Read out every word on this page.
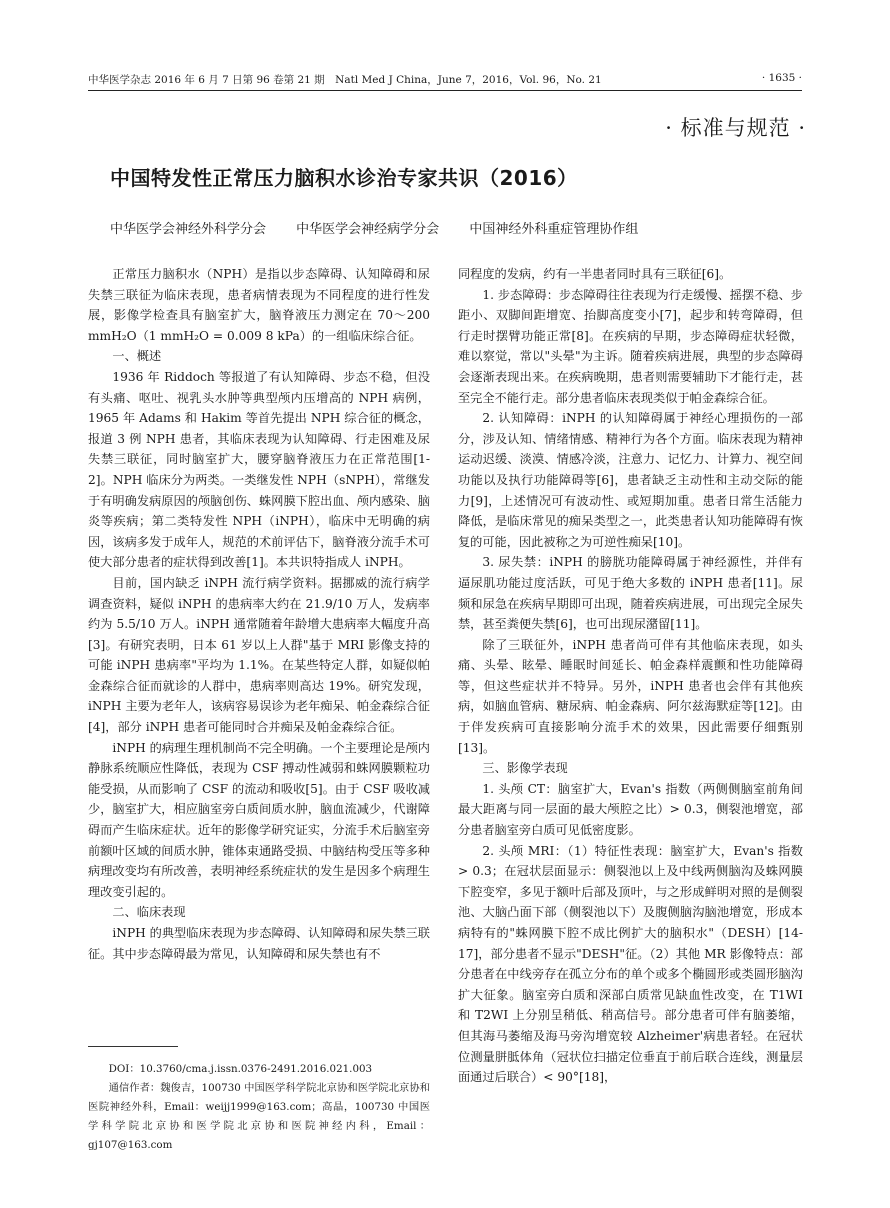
中华医学杂志 2016 年 6 月 7 日第 96 卷第 21 期　Natl Med J China，June 7，2016，Vol. 96，No. 21	· 1635 ·
· 标准与规范 ·
中国特发性正常压力脑积水诊治专家共识（2016）
中华医学会神经外科学分会 中华医学会神经病学分会 中国神经外科重症管理协作组

正常压力脑积水（NPH）是指以步态障碍、认知障碍和尿失禁三联征为临床表现，患者病情表现为不同程度的进行性发展，影像学检查具有脑室扩大，脑脊液压力测定在 70～200 mmH₂O（1 mmH₂O = 0.009 8 kPa）的一组临床综合征。

一、概述

1936 年 Riddoch 等报道了有认知障碍、步态不稳，但没有头痛、呕吐、视乳头水肿等典型颅内压增高的 NPH 病例，1965 年 Adams 和 Hakim 等首先提出 NPH 综合征的概念，报道 3 例 NPH 患者，其临床表现为认知障碍、行走困难及尿失禁三联征，同时脑室扩大，腰穿脑脊液压力在正常范围[1-2]。NPH 临床分为两类。一类继发性 NPH（sNPH），常继发于有明确发病原因的颅脑创伤、蛛网膜下腔出血、颅内感染、脑炎等疾病；第二类特发性 NPH（iNPH），临床中无明确的病因，该病多发于成年人，规范的术前评估下，脑脊液分流手术可使大部分患者的症状得到改善[1]。本共识特指成人 iNPH。

目前，国内缺乏 iNPH 流行病学资料。据挪威的流行病学调查资料，疑似 iNPH 的患病率大约在 21.9/10 万人，发病率约为 5.5/10 万人。iNPH 通常随着年龄增大患病率大幅度升高[3]。有研究表明，日本 61 岁以上人群"基于 MRI 影像支持的可能 iNPH 患病率"平均为 1.1%。在某些特定人群，如疑似帕金森综合征而就诊的人群中，患病率则高达 19%。研究发现，iNPH 主要为老年人，该病容易误诊为老年痴呆、帕金森综合征[4]，部分 iNPH 患者可能同时合并痴呆及帕金森综合征。

iNPH 的病理生理机制尚不完全明确。一个主要理论是颅内静脉系统顺应性降低，表现为 CSF 搏动性减弱和蛛网膜颗粒功能受损，从而影响了 CSF 的流动和吸收[5]。由于 CSF 吸收减少，脑室扩大，相应脑室旁白质间质水肿，脑血流减少，代谢障碍而产生临床症状。近年的影像学研究证实，分流手术后脑室旁前额叶区域的间质水肿，锥体束通路受损、中脑结构受压等多种病理改变均有所改善，表明神经系统症状的发生是因多个病理生理改变引起的。

二、临床表现

iNPH 的典型临床表现为步态障碍、认知障碍和尿失禁三联征。其中步态障碍最为常见，认知障碍和尿失禁也有不

DOI：10.3760/cma.j.issn.0376-2491.2016.021.003

通信作者：魏俊吉，100730 中国医学科学院北京协和医学院北京协和医院神经外科，Email：weijj1999@163.com；高晶，100730 中国医学科学院北京协和医学院北京协和医院神经内科，Email：gj107@163.com

同程度的发病，约有一半患者同时具有三联征[6]。

1. 步态障碍：步态障碍往往表现为行走缓慢、摇摆不稳、步距小、双脚间距增宽、抬脚高度变小[7]，起步和转弯障碍，但行走时摆臂功能正常[8]。在疾病的早期，步态障碍症状轻微，难以察觉，常以"头晕"为主诉。随着疾病进展，典型的步态障碍会逐渐表现出来。在疾病晚期，患者则需要辅助下才能行走，甚至完全不能行走。部分患者临床表现类似于帕金森综合征。

2. 认知障碍：iNPH 的认知障碍属于神经心理损伤的一部分，涉及认知、情绪情感、精神行为各个方面。临床表现为精神运动迟缓、淡漠、情感冷淡，注意力、记忆力、计算力、视空间功能以及执行功能障碍等[6]，患者缺乏主动性和主动交际的能力[9]，上述情况可有波动性、或短期加重。患者日常生活能力降低，是临床常见的痴呆类型之一，此类患者认知功能障碍有恢复的可能，因此被称之为可逆性痴呆[10]。

3. 尿失禁：iNPH 的膀胱功能障碍属于神经源性，并伴有逼尿肌功能过度活跃，可见于绝大多数的 iNPH 患者[11]。尿频和尿急在疾病早期即可出现，随着疾病进展，可出现完全尿失禁，甚至粪便失禁[6]，也可出现尿潴留[11]。

除了三联征外，iNPH 患者尚可伴有其他临床表现，如头痛、头晕、眩晕、睡眠时间延长、帕金森样震颤和性功能障碍等，但这些症状并不特异。另外，iNPH 患者也会伴有其他疾病，如脑血管病、糖尿病、帕金森病、阿尔兹海默症等[12]。由于伴发疾病可直接影响分流手术的效果，因此需要仔细甄别[13]。

三、影像学表现

1. 头颅 CT：脑室扩大，Evan's 指数（两侧侧脑室前角间最大距离与同一层面的最大颅腔之比）> 0.3，侧裂池增宽，部分患者脑室旁白质可见低密度影。

2. 头颅 MRI：（1）特征性表现：脑室扩大，Evan's 指数 > 0.3；在冠状层面显示：侧裂池以上及中线两侧脑沟及蛛网膜下腔变窄，多见于额叶后部及顶叶，与之形成鲜明对照的是侧裂池、大脑凸面下部（侧裂池以下）及腹侧脑沟脑池增宽，形成本病特有的"蛛网膜下腔不成比例扩大的脑积水"（DESH）[14-17]，部分患者不显示"DESH"征。（2）其他 MR 影像特点：部分患者在中线旁存在孤立分布的单个或多个椭圆形或类圆形脑沟扩大征象。脑室旁白质和深部白质常见缺血性改变，在 T1WI 和 T2WI 上分别呈稍低、稍高信号。部分患者可伴有脑萎缩，但其海马萎缩及海马旁沟增宽较 Alzheimer'病患者轻。在冠状位测量胼胝体角（冠状位扫描定位垂直于前后联合连线，测量层面通过后联合）< 90°[18]，
